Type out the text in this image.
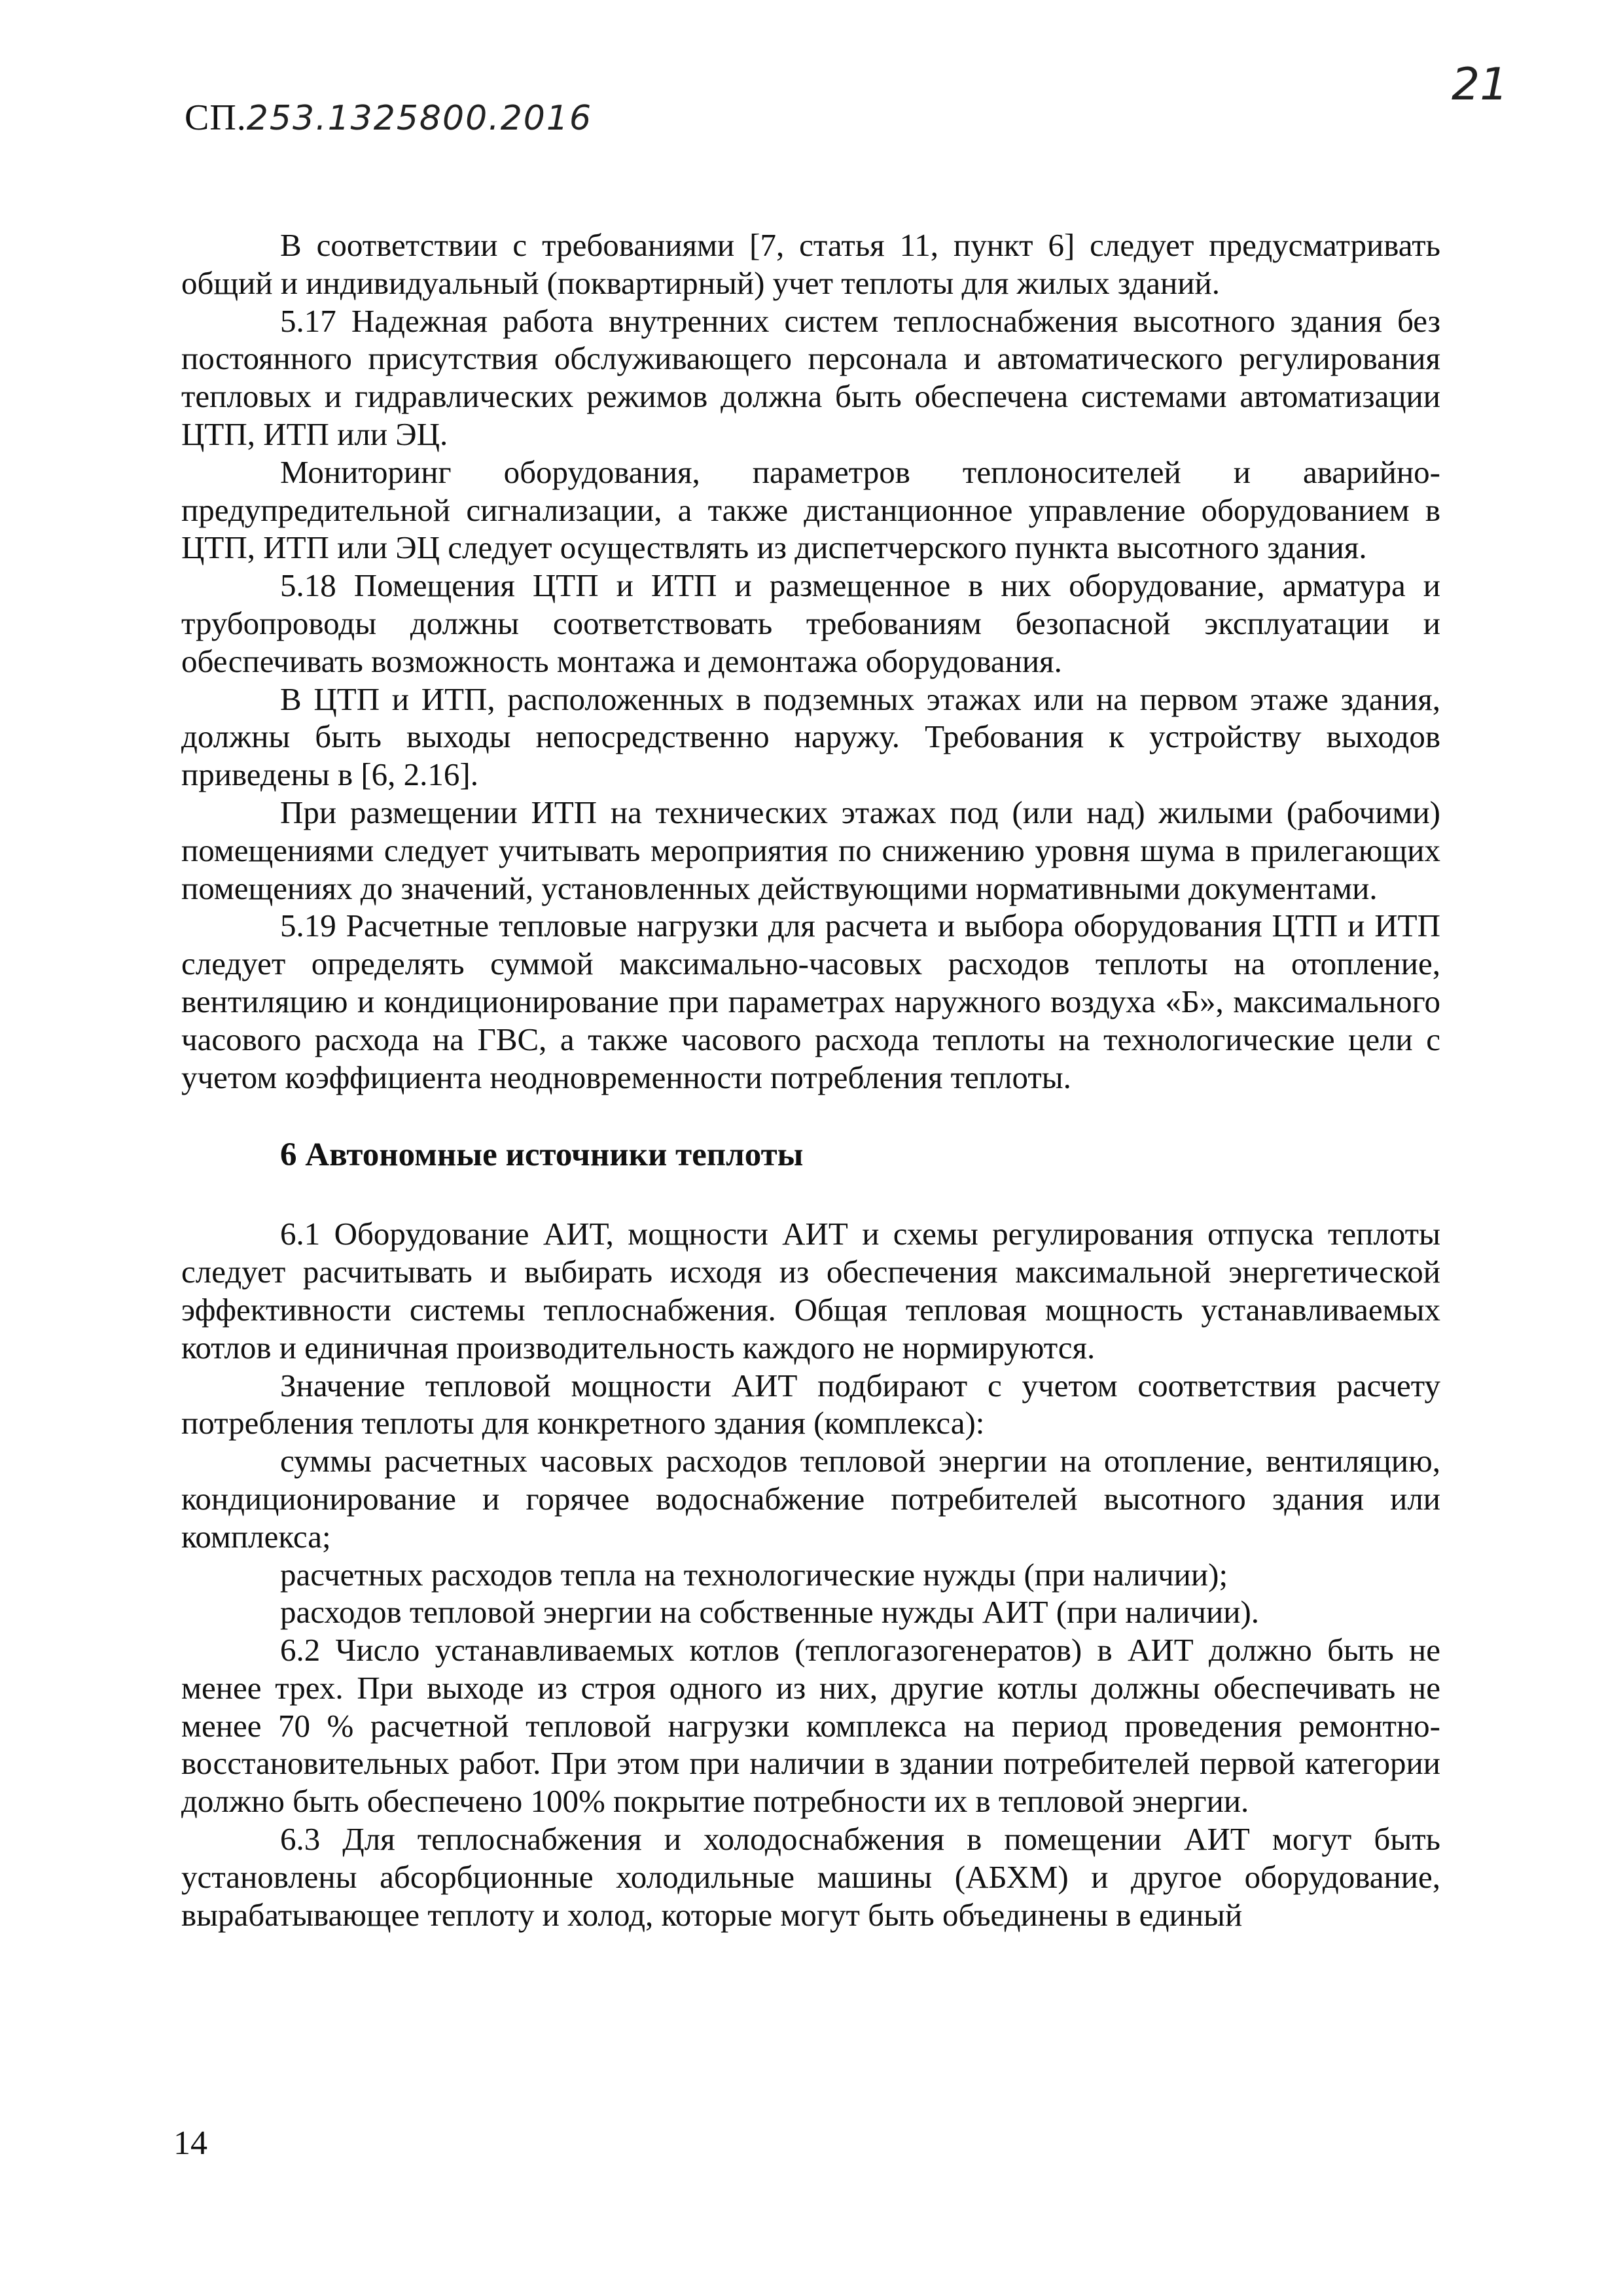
СП.253.1325800.2016
21

В соответствии с требованиями [7, статья 11, пункт 6] следует предусматривать общий и индивидуальный (поквартирный) учет теплоты для жилых зданий.

5.17 Надежная работа внутренних систем теплоснабжения высотного здания без постоянного присутствия обслуживающего персонала и автоматического регулирования тепловых и гидравлических режимов должна быть обеспечена системами автоматизации ЦТП, ИТП или ЭЦ.

Мониторинг оборудования, параметров теплоносителей и аварийно-предупредительной сигнализации, а также дистанционное управление оборудованием в ЦТП, ИТП или ЭЦ следует осуществлять из диспетчерского пункта высотного здания.

5.18 Помещения ЦТП и ИТП и размещенное в них оборудование, арматура и трубопроводы должны соответствовать требованиям безопасной эксплуатации и обеспечивать возможность монтажа и демонтажа оборудования.

В ЦТП и ИТП, расположенных в подземных этажах или на первом этаже здания, должны быть выходы непосредственно наружу. Требования к устройству выходов приведены в [6, 2.16].

При размещении ИТП на технических этажах под (или над) жилыми (рабочими) помещениями следует учитывать мероприятия по снижению уровня шума в прилегающих помещениях до значений, установленных действующими нормативными документами.

5.19 Расчетные тепловые нагрузки для расчета и выбора оборудования ЦТП и ИТП следует определять суммой максимально-часовых расходов теплоты на отопление, вентиляцию и кондиционирование при параметрах наружного воздуха «Б», максимального часового расхода на ГВС, а также часового расхода теплоты на технологические цели с учетом коэффициента неодновременности потребления теплоты.

6 Автономные источники теплоты

6.1 Оборудование АИТ, мощности АИТ и схемы регулирования отпуска теплоты следует расчитывать и выбирать исходя из обеспечения максимальной энергетической эффективности системы теплоснабжения. Общая тепловая мощность устанавливаемых котлов и единичная производительность каждого не нормируются.

Значение тепловой мощности АИТ подбирают с учетом соответствия расчету потребления теплоты для конкретного здания (комплекса):

суммы расчетных часовых расходов тепловой энергии на отопление, вентиляцию, кондиционирование и горячее водоснабжение потребителей высотного здания или комплекса;

расчетных расходов тепла на технологические нужды (при наличии);

расходов тепловой энергии на собственные нужды АИТ (при наличии).

6.2 Число устанавливаемых котлов (теплогазогенератов) в АИТ должно быть не менее трех. При выходе из строя одного из них, другие котлы должны обеспечивать не менее 70 % расчетной тепловой нагрузки комплекса на период проведения ремонтно-восстановительных работ. При этом при наличии в здании потребителей первой категории должно быть обеспечено 100% покрытие потребности их в тепловой энергии.

6.3 Для теплоснабжения и холодоснабжения в помещении АИТ могут быть установлены абсорбционные холодильные машины (АБХМ) и другое оборудование, вырабатывающее теплоту и холод, которые могут быть объединены в единый

14
